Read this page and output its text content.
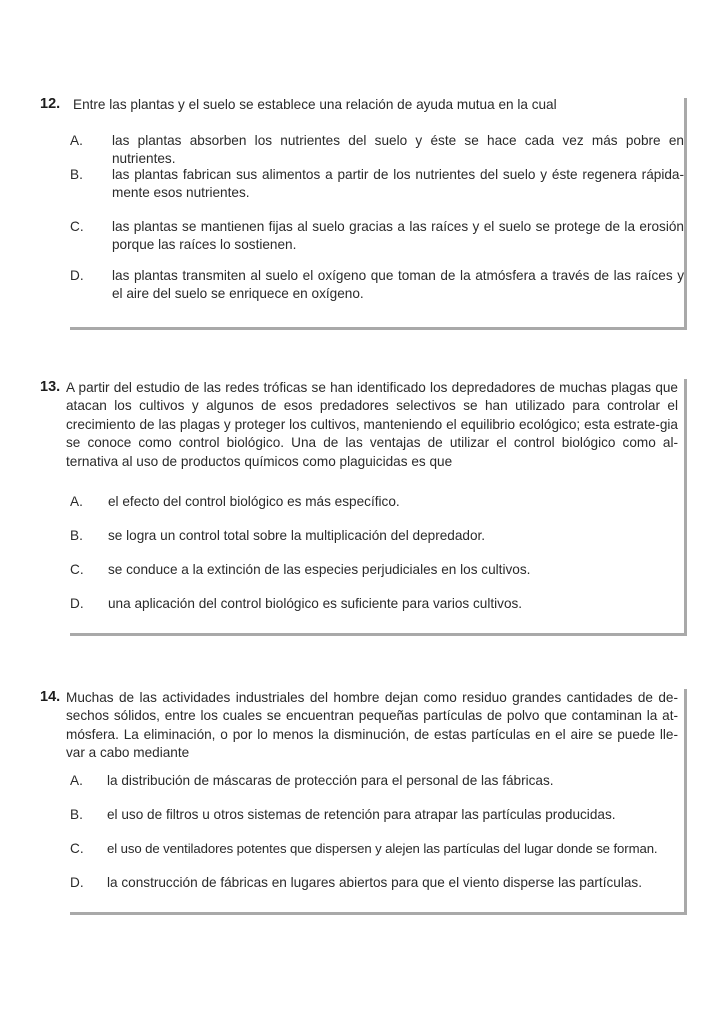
12. Entre las plantas y el suelo se establece una relación de ayuda mutua en la cual
A. las plantas absorben los nutrientes del suelo y éste se hace cada vez más pobre en nutrientes.
B. las plantas fabrican sus alimentos a partir de los nutrientes del suelo y éste regenera rápida-mente esos nutrientes.
C. las plantas se mantienen fijas al suelo gracias a las raíces y el suelo se protege de la erosión porque las raíces lo sostienen.
D. las plantas transmiten al suelo el oxígeno que toman de la atmósfera a través de las raíces y el aire del suelo se enriquece en oxígeno.
13. A partir del estudio de las redes tróficas se han identificado los depredadores de muchas plagas que atacan los cultivos y algunos de esos predadores selectivos se han utilizado para controlar el crecimiento de las plagas y proteger los cultivos, manteniendo el equilibrio ecológico; esta estrate-gia se conoce como control biológico. Una de las ventajas de utilizar el control biológico como al-ternativa al uso de productos químicos como plaguicidas es que
A. el efecto del control biológico es más específico.
B. se logra un control total sobre la multiplicación del depredador.
C. se conduce a la extinción de las especies perjudiciales en los cultivos.
D. una aplicación del control biológico es suficiente para varios cultivos.
14. Muchas de las actividades industriales del hombre dejan como residuo grandes cantidades de de-sechos sólidos, entre los cuales se encuentran pequeñas partículas de polvo que contaminan la at-mósfera. La eliminación, o por lo menos la disminución, de estas partículas en el aire se puede lle-var a cabo mediante
A. la distribución de máscaras de protección para el personal de las fábricas.
B. el uso de filtros u otros sistemas de retención para atrapar las partículas producidas.
C. el uso de ventiladores potentes que dispersen y alejen las partículas del lugar donde se forman.
D. la construcción de fábricas en lugares abiertos para que el viento disperse las partículas.
